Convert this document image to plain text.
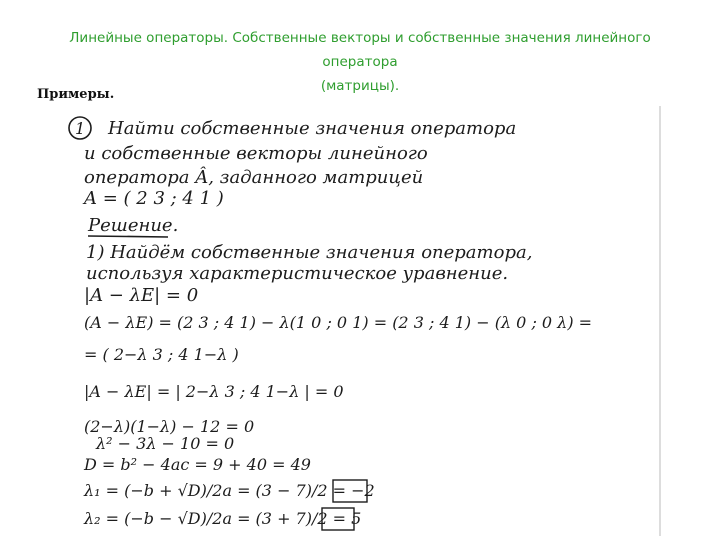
Линейные операторы. Собственные векторы и собственные значения линейного оператора
(матрицы).
Примеры.
1 Найти собственные значения оператора
и собственные векторы линейного
оператора Â, заданного матрицей
A = ( 2 3 ; 4 1 )
Решение.
1) Найдём собственные значения оператора,
используя характеристическое уравнение.
|A − λE| = 0
(A − λE) = (2 3 ; 4 1) − λ(1 0 ; 0 1) = (2 3 ; 4 1) − (λ 0 ; 0 λ) =
= ( 2−λ 3 ; 4 1−λ )
|A − λE| = | 2−λ 3 ; 4 1−λ | = 0
(2−λ)(1−λ) − 12 = 0
λ² − 3λ − 10 = 0
D = b² − 4ac = 9 + 40 = 49
λ₁ = (−b + √D)/2a = (3 − 7)/2 = −2
λ₂ = (−b − √D)/2a = (3 + 7)/2 = 5
